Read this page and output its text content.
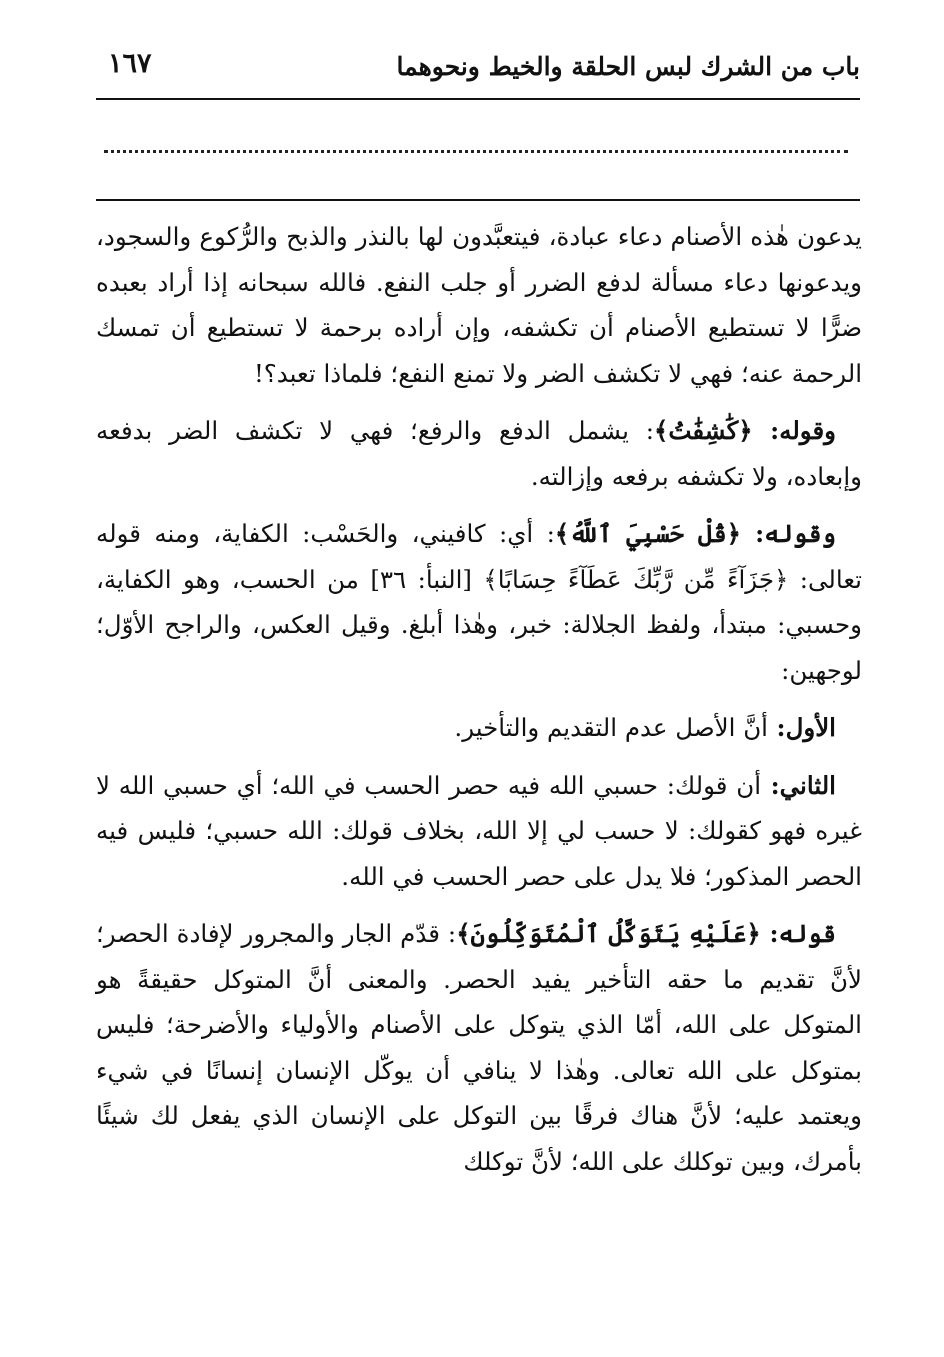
باب من الشرك لبس الحلقة والخيط ونحوهما
١٦٧

يدعون هٰذه الأصنام دعاء عبادة، فيتعبَّدون لها بالنذر والذبح والرُّكوع والسجود، ويدعونها دعاء مسألة لدفع الضرر أو جلب النفع. فالله سبحانه إذا أراد بعبده ضرًّا لا تستطيع الأصنام أن تكشفه، وإن أراده برحمة لا تستطيع أن تمسك الرحمة عنه؛ فهي لا تكشف الضر ولا تمنع النفع؛ فلماذا تعبد؟!

وقوله: ﴿كَٰشِفَٰتُ﴾: يشمل الدفع والرفع؛ فهي لا تكشف الضر بدفعه وإبعاده، ولا تكشفه برفعه وإزالته.

وقوله: ﴿قُلْ حَسْبِيَ ٱللَّهُ﴾: أي: كافيني، والحَسْب: الكفاية، ومنه قوله تعالى: ﴿جَزَآءً مِّن رَّبِّكَ عَطَآءً حِسَابًا﴾ [النبأ: ٣٦] من الحسب، وهو الكفاية، وحسبي: مبتدأ، ولفظ الجلالة: خبر، وهٰذا أبلغ. وقيل العكس، والراجح الأوّل؛ لوجهين:

الأول: أنَّ الأصل عدم التقديم والتأخير.

الثاني: أن قولك: حسبي الله فيه حصر الحسب في الله؛ أي حسبي الله لا غيره فهو كقولك: لا حسب لي إلا الله، بخلاف قولك: الله حسبي؛ فليس فيه الحصر المذكور؛ فلا يدل على حصر الحسب في الله.

قوله: ﴿عَلَيْهِ يَتَوَكَّلُ ٱلْمُتَوَكِّلُونَ﴾: قدّم الجار والمجرور لإفادة الحصر؛ لأنَّ تقديم ما حقه التأخير يفيد الحصر. والمعنى أنَّ المتوكل حقيقةً هو المتوكل على الله، أمّا الذي يتوكل على الأصنام والأولياء والأضرحة؛ فليس بمتوكل على الله تعالى. وهٰذا لا ينافي أن يوكّل الإنسان إنسانًا في شيء ويعتمد عليه؛ لأنَّ هناك فرقًا بين التوكل على الإنسان الذي يفعل لك شيئًا بأمرك، وبين توكلك على الله؛ لأنَّ توكلك
